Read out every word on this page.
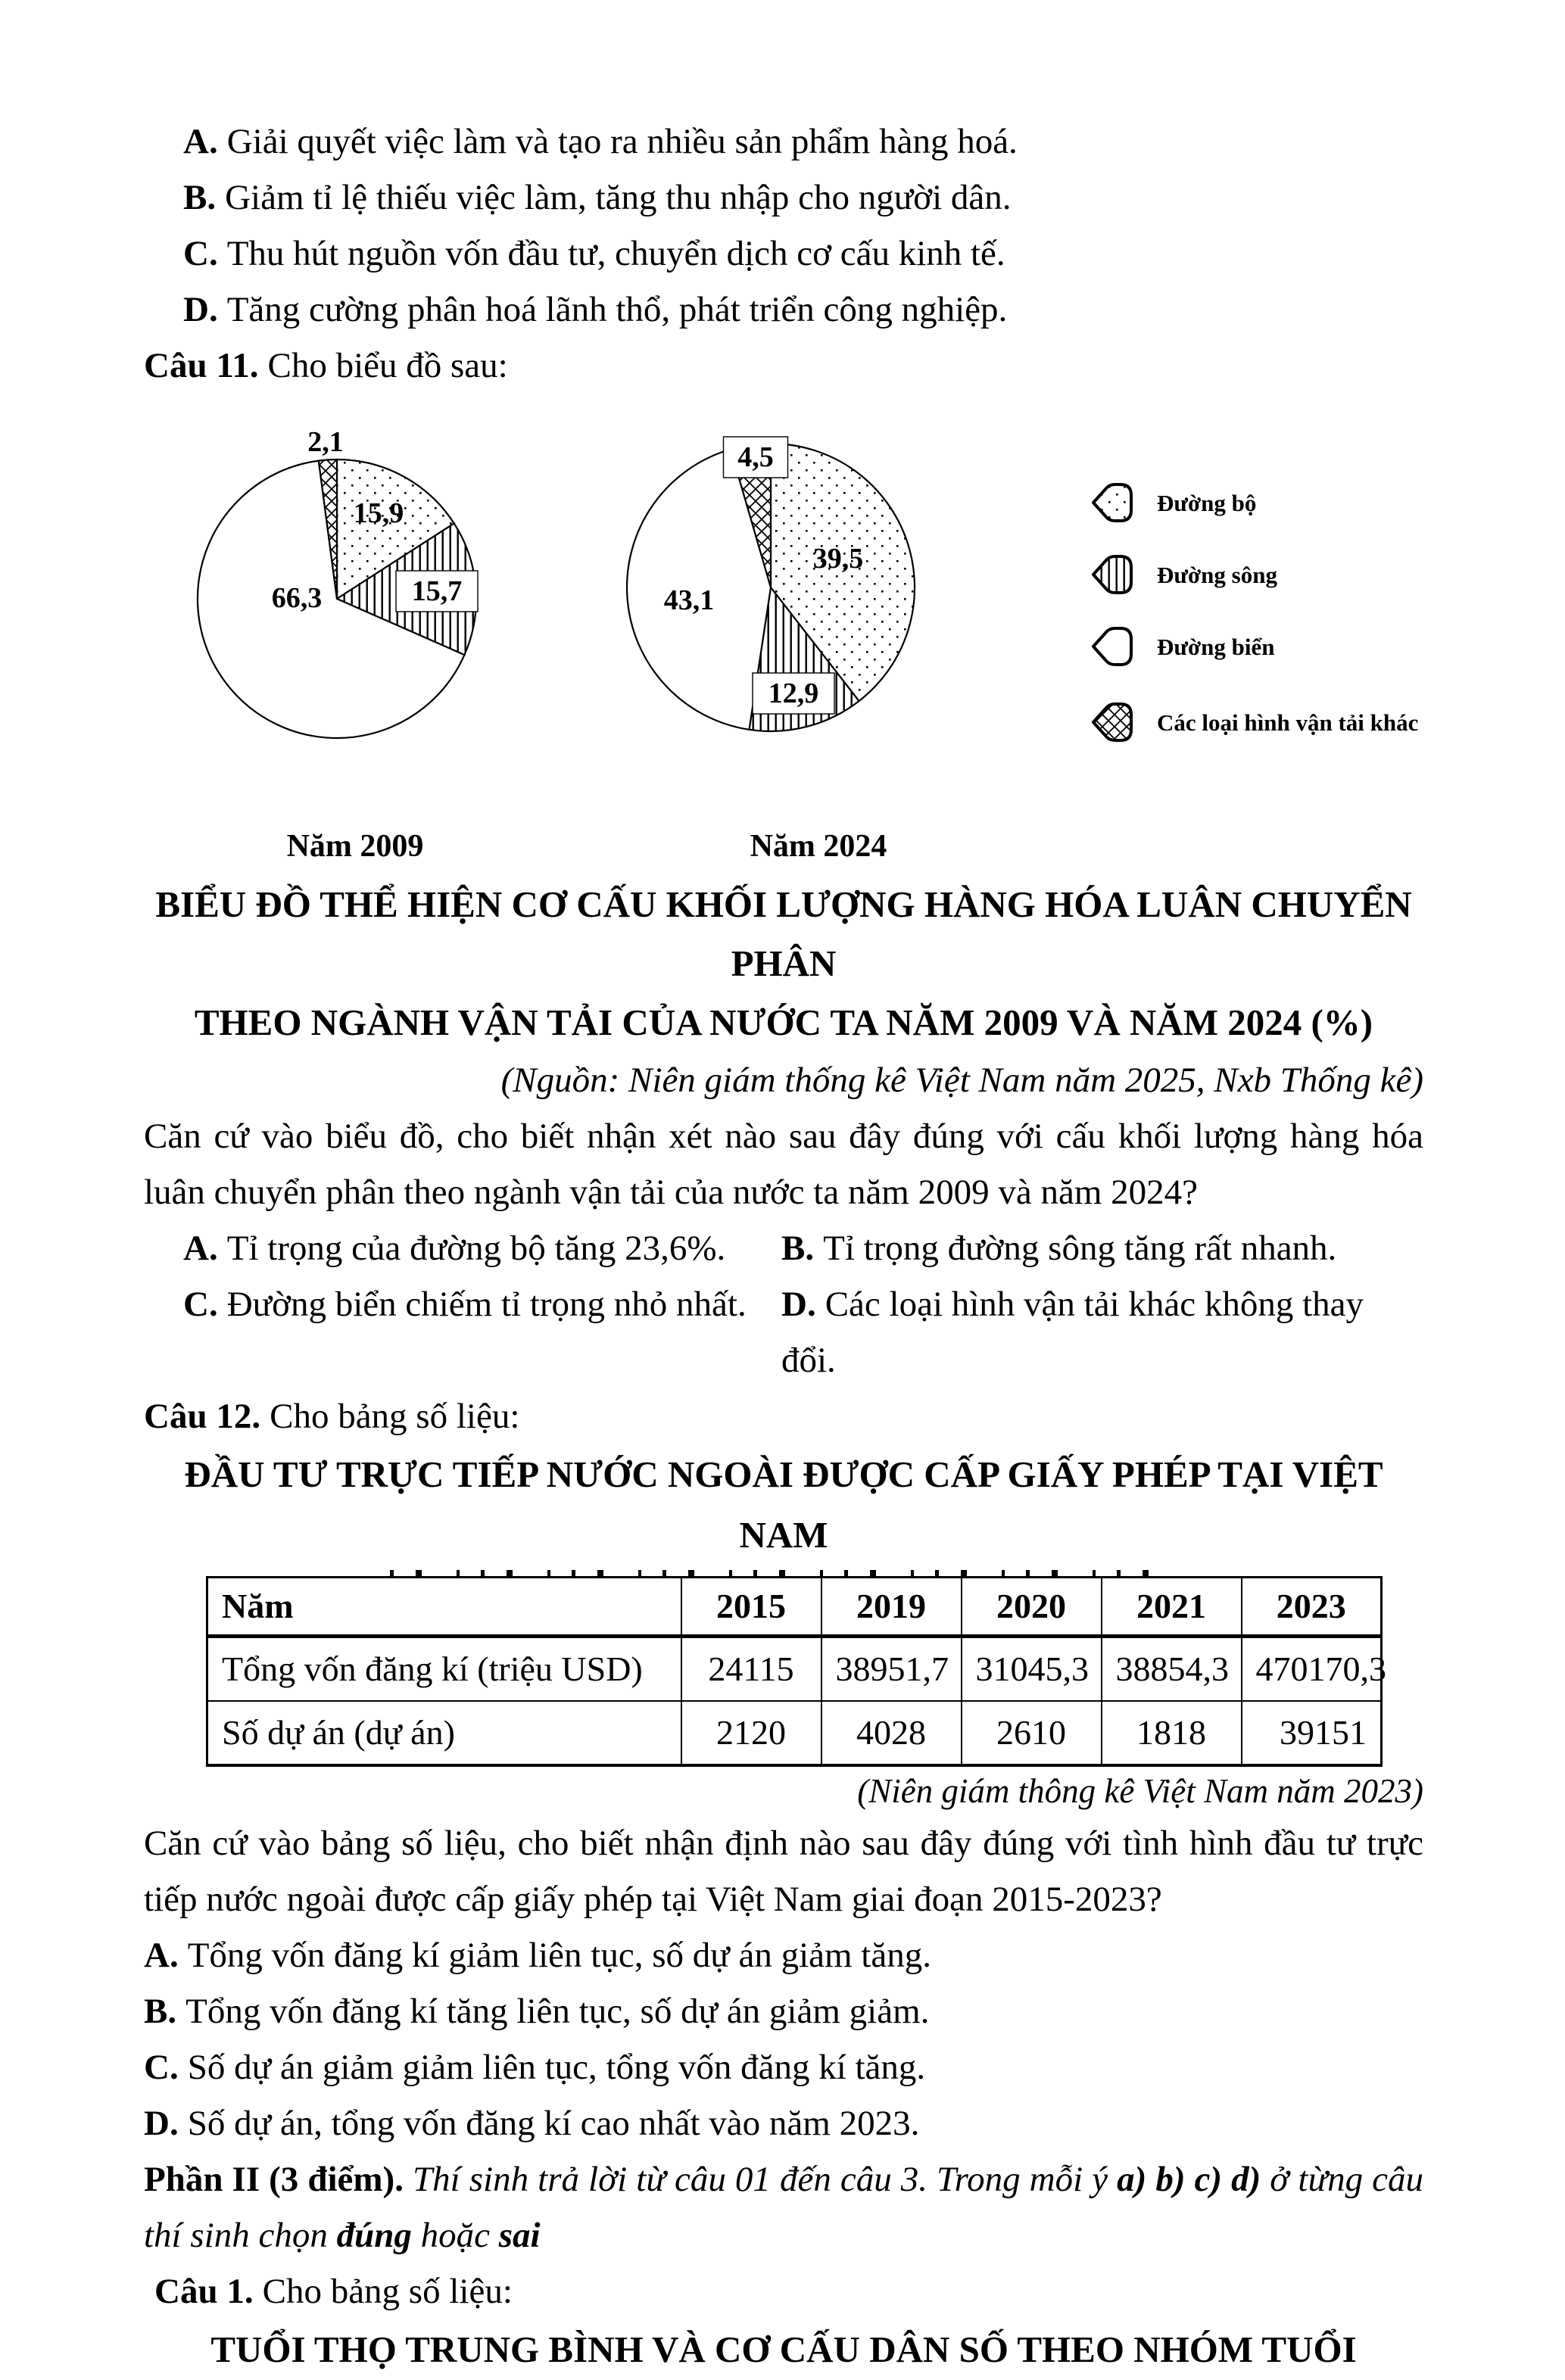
A. Giải quyết việc làm và tạo ra nhiều sản phẩm hàng hoá.
B. Giảm tỉ lệ thiếu việc làm, tăng thu nhập cho người dân.
C. Thu hút nguồn vốn đầu tư, chuyển dịch cơ cấu kinh tế.
D. Tăng cường phân hoá lãnh thổ, phát triển công nghiệp.
Câu 11. Cho biểu đồ sau:
15,9
15,7
66,3
2,1
39,5
12,9
43,1
4,5
Năm 2009	Năm 2024
Đường bộ
Đường sông
Đường biển
Các loại hình vận tải khác
BIỂU ĐỒ THỂ HIỆN CƠ CẤU KHỐI LƯỢNG HÀNG HÓA LUÂN CHUYỂN PHÂN
THEO NGÀNH VẬN TẢI CỦA NƯỚC TA NĂM 2009 VÀ NĂM 2024 (%)
(Nguồn: Niên giám thống kê Việt Nam năm 2025, Nxb Thống kê)
Căn cứ vào biểu đồ, cho biết nhận xét nào sau đây đúng với cấu khối lượng hàng hóa luân chuyển phân theo ngành vận tải của nước ta năm 2009 và năm 2024?
A. Tỉ trọng của đường bộ tăng 23,6%.	B. Tỉ trọng đường sông tăng rất nhanh.
C. Đường biển chiếm tỉ trọng nhỏ nhất. D. Các loại hình vận tải khác không thay đổi.
Câu 12. Cho bảng số liệu:
ĐẦU TƯ TRỰC TIẾP NƯỚC NGOÀI ĐƯỢC CẤP GIẤY PHÉP TẠI VIỆT NAM
Năm	2015	2019	2020	2021	2023
Tổng vốn đăng kí (triệu USD)	24115	38951,7	31045,3	38854,3	470170,3
Số dự án (dự án)	2120	4028	2610	1818	39151
(Niên giám thông kê Việt Nam năm 2023)
Căn cứ vào bảng số liệu, cho biết nhận định nào sau đây đúng với tình hình đầu tư trực tiếp nước ngoài được cấp giấy phép tại Việt Nam giai đoạn 2015-2023?
A. Tổng vốn đăng kí giảm liên tục, số dự án giảm tăng.
B. Tổng vốn đăng kí tăng liên tục, số dự án giảm giảm.
C. Số dự án giảm giảm liên tục, tổng vốn đăng kí tăng.
D. Số dự án, tổng vốn đăng kí cao nhất vào năm 2023.
Phần II (3 điểm). Thí sinh trả lời từ câu 01 đến câu 3. Trong mỗi ý a) b) c) d) ở từng câu
thí sinh chọn đúng hoặc sai
Câu 1. Cho bảng số liệu:
TUỔI THỌ TRUNG BÌNH VÀ CƠ CẤU DÂN SỐ THEO NHÓM TUỔI
